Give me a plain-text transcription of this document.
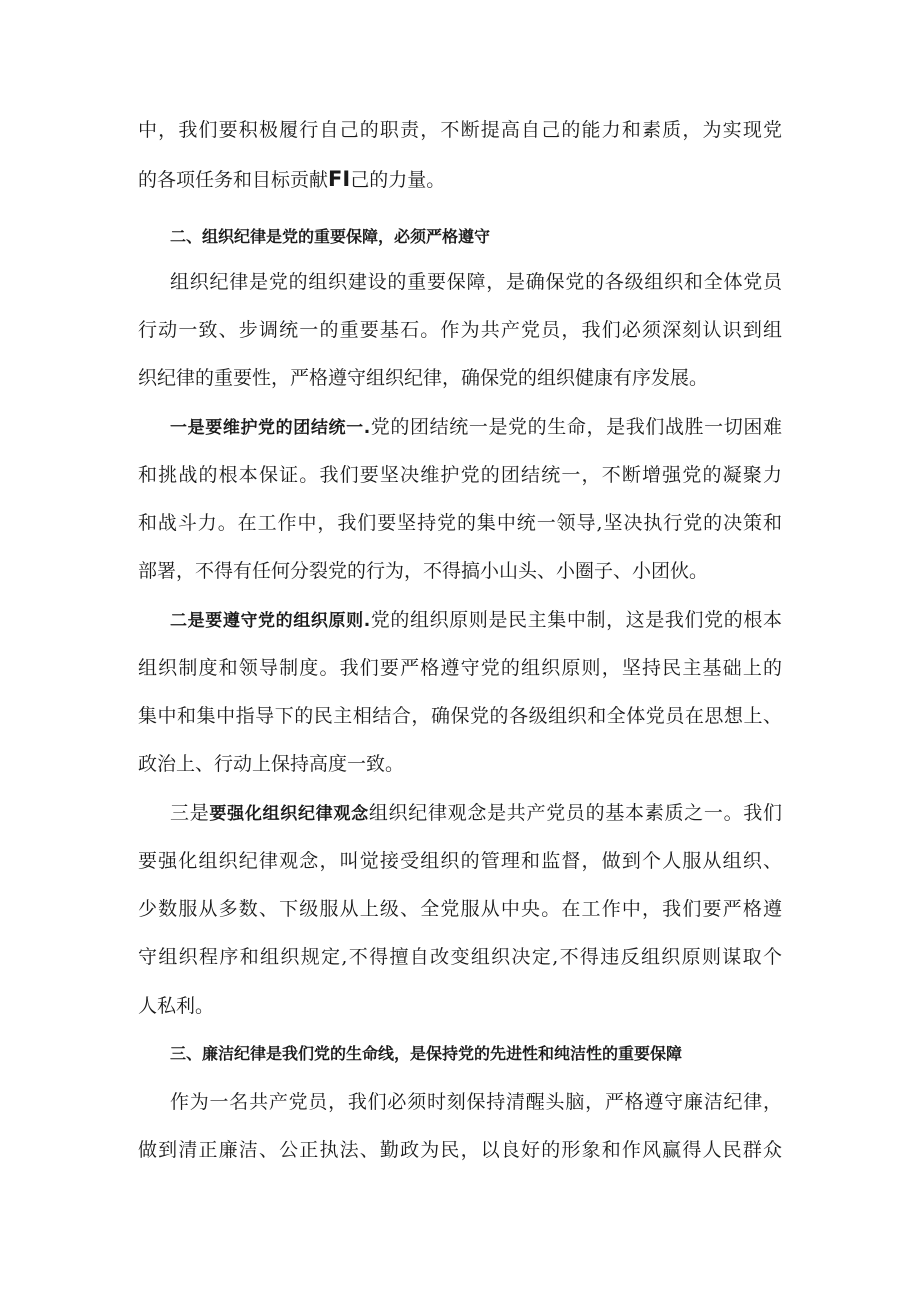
中，我们要积极履行自己的职责，不断提高自己的能力和素质，为实现党
的各项任务和目标贡献FI己的力量。
二、组织纪律是党的重要保障，必须严格遵守
组织纪律是党的组织建设的重要保障，是确保党的各级组织和全体党员
行动一致、步调统一的重要基石。作为共产党员，我们必须深刻认识到组
织纪律的重要性，严格遵守组织纪律，确保党的组织健康有序发展。
一是要维护党的团结统一.党的团结统一是党的生命，是我们战胜一切困难
和挑战的根本保证。我们要坚决维护党的团结统一，不断增强党的凝聚力
和战斗力。在工作中，我们要坚持党的集中统一领导,坚决执行党的决策和
部署，不得有任何分裂党的行为，不得搞小山头、小圈子、小团伙。
二是要遵守党的组织原则.党的组织原则是民主集中制，这是我们党的根本
组织制度和领导制度。我们要严格遵守党的组织原则，坚持民主基础上的
集中和集中指导下的民主相结合，确保党的各级组织和全体党员在思想上、
政治上、行动上保持高度一致。
三是要强化组织纪律观念组织纪律观念是共产党员的基本素质之一。我们
要强化组织纪律观念，叫觉接受组织的管理和监督，做到个人服从组织、
少数服从多数、下级服从上级、全党服从中央。在工作中，我们要严格遵
守组织程序和组织规定,不得擅自改变组织决定,不得违反组织原则谋取个
人私利。
三、廉洁纪律是我们党的生命线，是保持党的先进性和纯洁性的重要保障
作为一名共产党员，我们必须时刻保持清醒头脑，严格遵守廉洁纪律，
做到清正廉洁、公正执法、勤政为民，以良好的形象和作风赢得人民群众
